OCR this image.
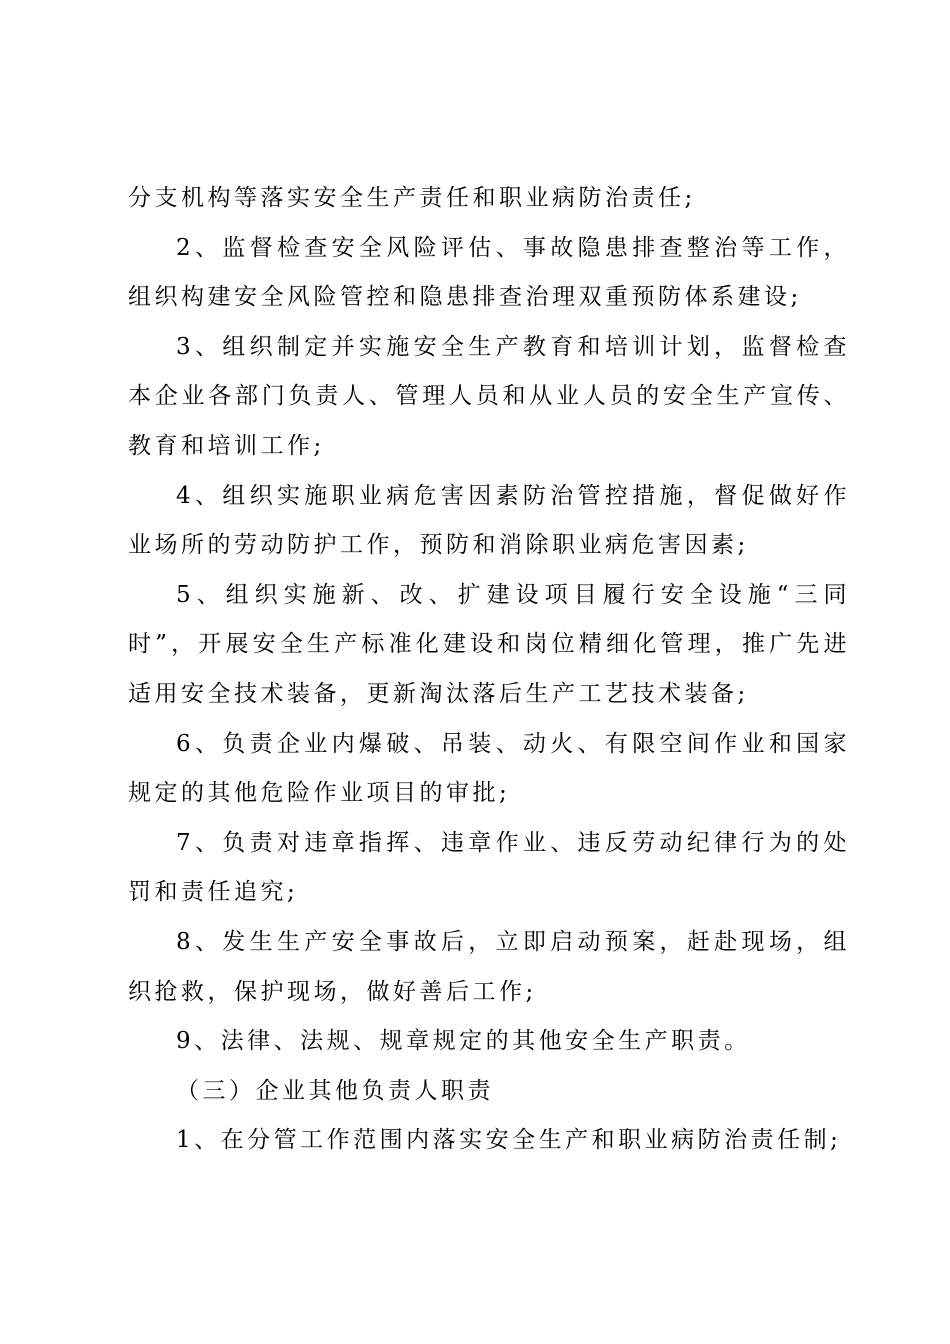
分支机构等落实安全生产责任和职业病防治责任;

2、监督检查安全风险评估、事故隐患排查整治等工作，组织构建安全风险管控和隐患排查治理双重预防体系建设;

3、组织制定并实施安全生产教育和培训计划，监督检查本企业各部门负责人、管理人员和从业人员的安全生产宣传、教育和培训工作;

4、组织实施职业病危害因素防治管控措施，督促做好作业场所的劳动防护工作，预防和消除职业病危害因素;

5、组织实施新、改、扩建设项目履行安全设施“三同时”，开展安全生产标准化建设和岗位精细化管理，推广先进适用安全技术装备，更新淘汰落后生产工艺技术装备;

6、负责企业内爆破、吊装、动火、有限空间作业和国家规定的其他危险作业项目的审批;

7、负责对违章指挥、违章作业、违反劳动纪律行为的处罚和责任追究;

8、发生生产安全事故后，立即启动预案，赶赴现场，组织抢救，保护现场，做好善后工作;

9、法律、法规、规章规定的其他安全生产职责。

（三）企业其他负责人职责

1、在分管工作范围内落实安全生产和职业病防治责任制;
